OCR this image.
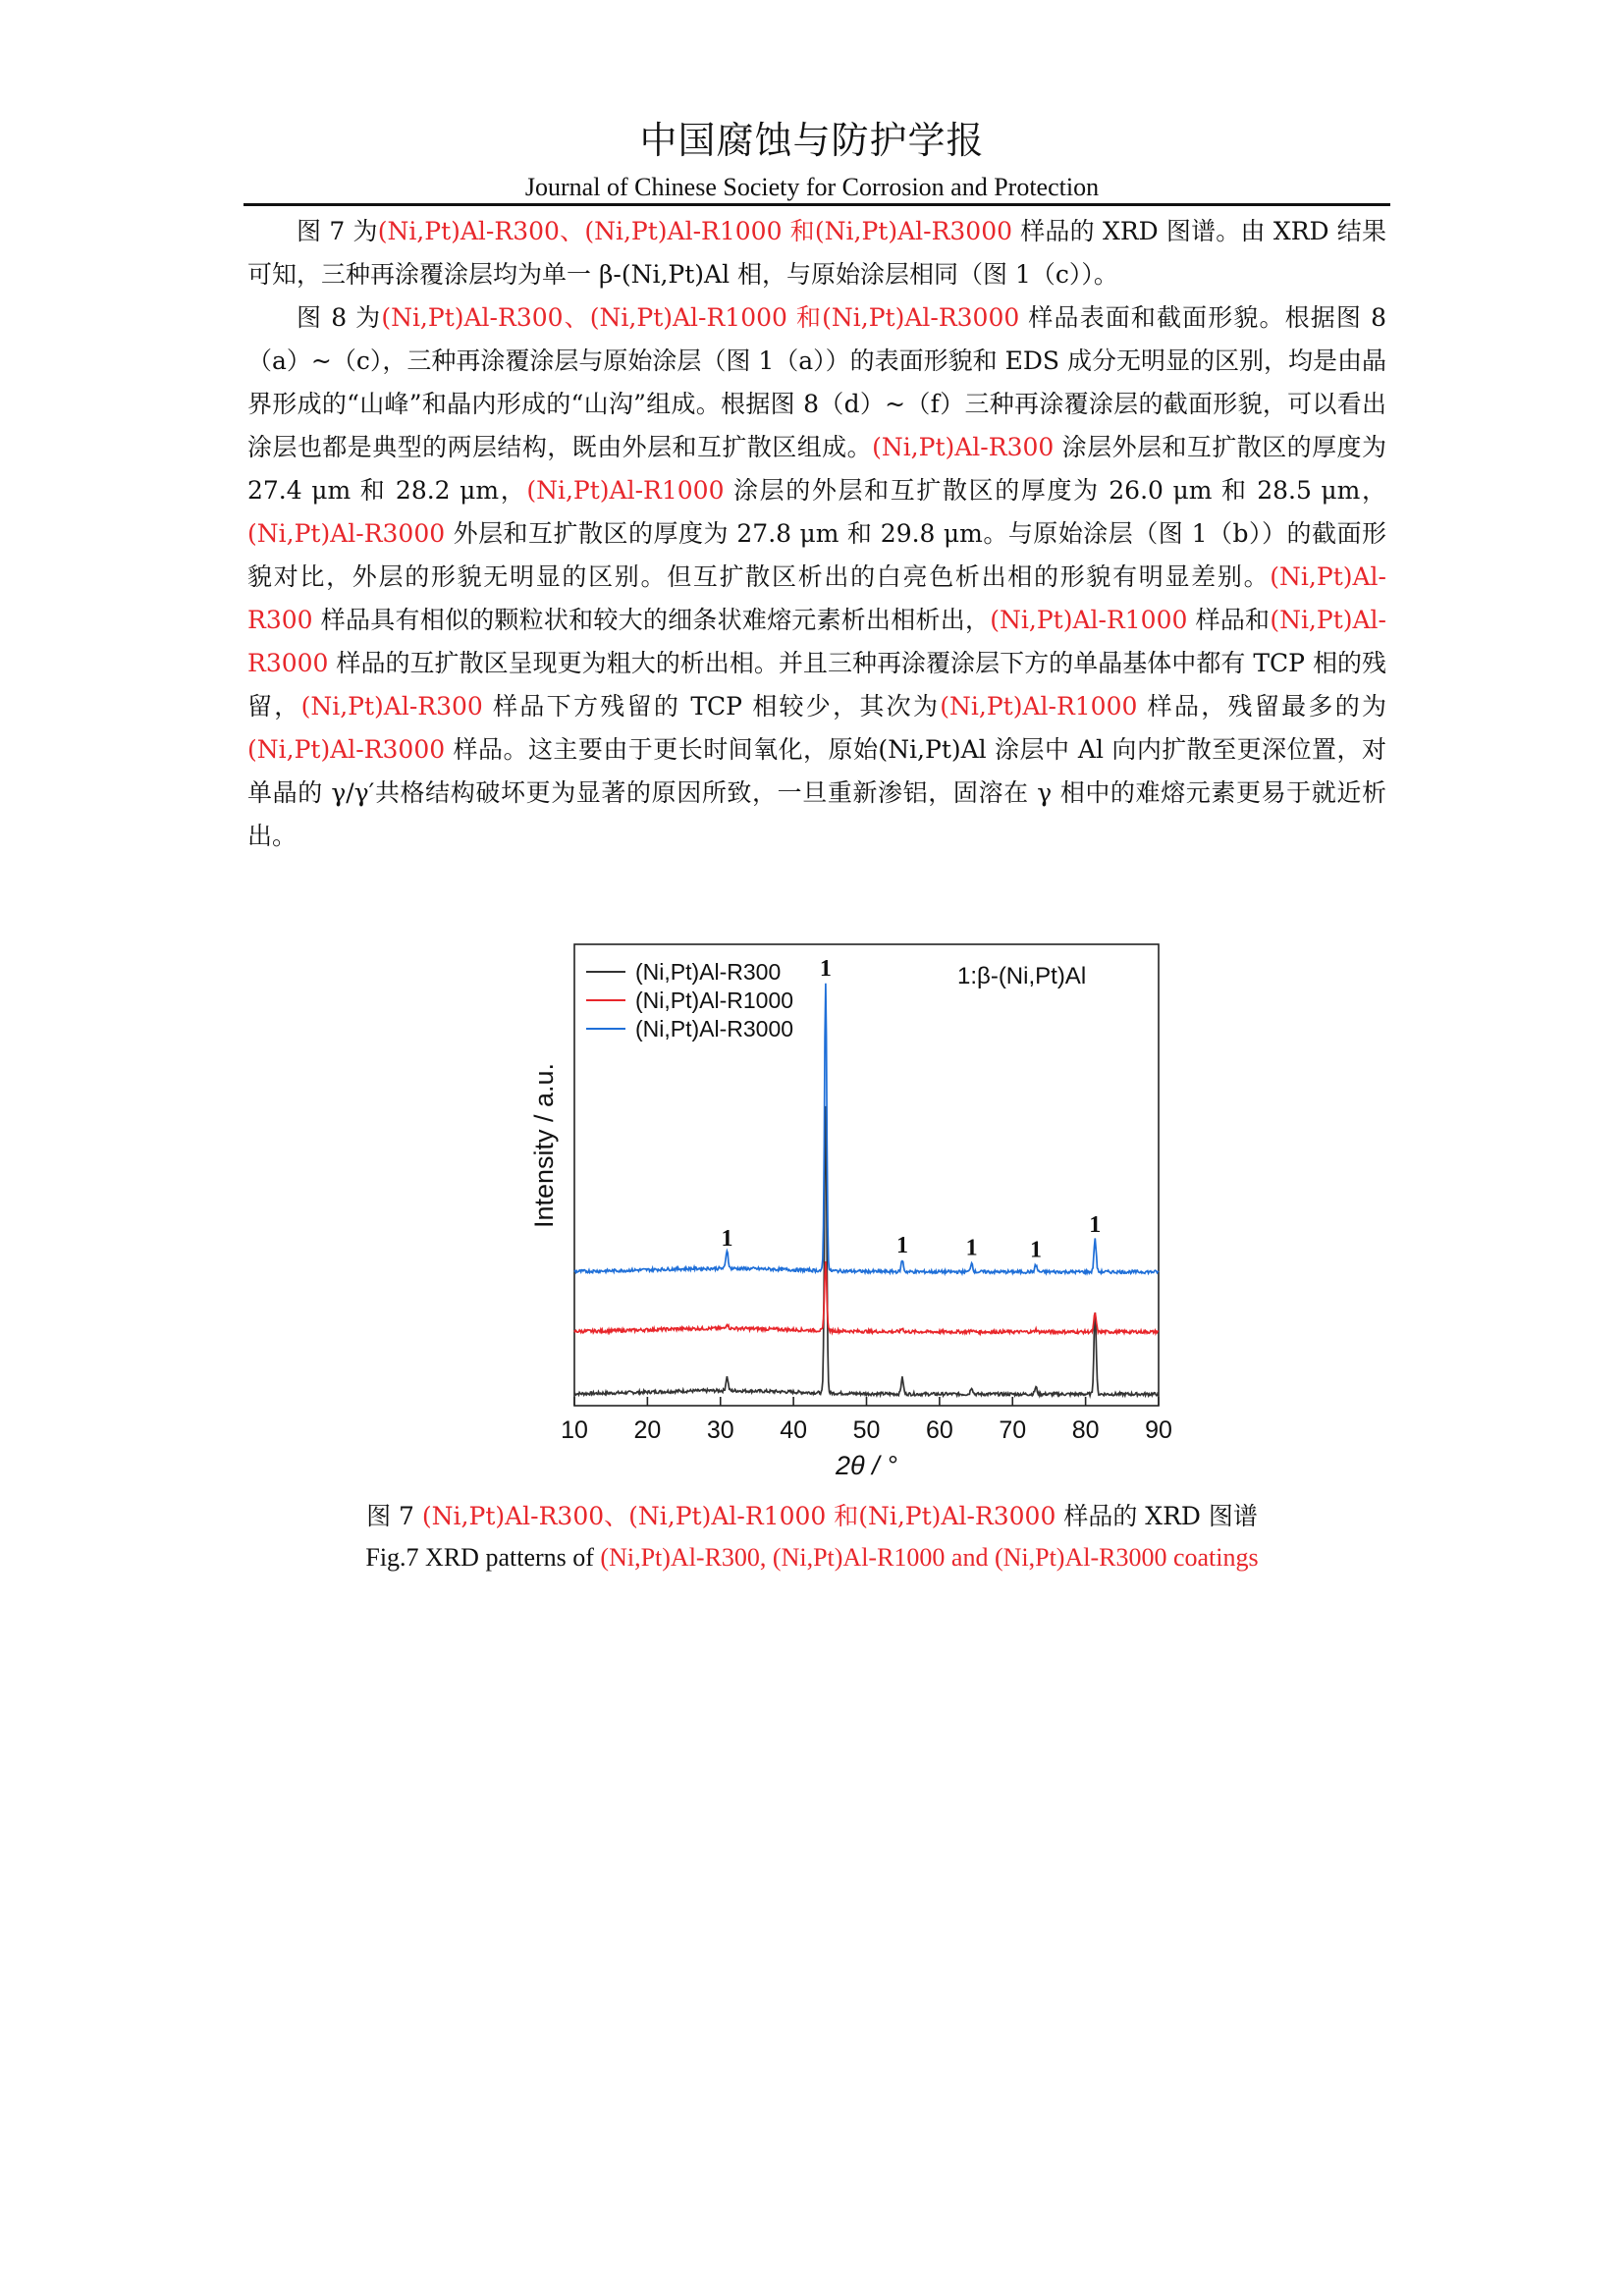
中国腐蚀与防护学报
Journal of Chinese Society for Corrosion and Protection

图 7 为(Ni,Pt)Al-R300、(Ni,Pt)Al-R1000 和(Ni,Pt)Al-R3000 样品的 XRD 图谱。由 XRD 结果可知，三种再涂覆涂层均为单一 β-(Ni,Pt)Al 相，与原始涂层相同（图 1（c））。

图 8 为(Ni,Pt)Al-R300、(Ni,Pt)Al-R1000 和(Ni,Pt)Al-R3000 样品表面和截面形貌。根据图 8（a）~（c），三种再涂覆涂层与原始涂层（图 1（a））的表面形貌和 EDS 成分无明显的区别，均是由晶界形成的“山峰”和晶内形成的“山沟”组成。根据图 8（d）~（f）三种再涂覆涂层的截面形貌，可以看出涂层也都是典型的两层结构，既由外层和互扩散区组成。(Ni,Pt)Al-R300 涂层外层和互扩散区的厚度为 27.4 μm 和 28.2 μm，(Ni,Pt)Al-R1000 涂层的外层和互扩散区的厚度为 26.0 μm 和 28.5 μm，(Ni,Pt)Al-R3000 外层和互扩散区的厚度为 27.8 μm 和 29.8 μm。与原始涂层（图 1（b））的截面形貌对比，外层的形貌无明显的区别。但互扩散区析出的白亮色析出相的形貌有明显差别。(Ni,Pt)Al-R300 样品具有相似的颗粒状和较大的细条状难熔元素析出相析出，(Ni,Pt)Al-R1000 样品和(Ni,Pt)Al-R3000 样品的互扩散区呈现更为粗大的析出相。并且三种再涂覆涂层下方的单晶基体中都有 TCP 相的残留，(Ni,Pt)Al-R300 样品下方残留的 TCP 相较少，其次为(Ni,Pt)Al-R1000 样品，残留最多的为(Ni,Pt)Al-R3000 样品。这主要由于更长时间氧化，原始(Ni,Pt)Al 涂层中 Al 向内扩散至更深位置，对单晶的 γ/γ′共格结构破坏更为显著的原因所致，一旦重新渗铝，固溶在 γ 相中的难熔元素更易于就近析出。

(Ni,Pt)Al-R300
(Ni,Pt)Al-R1000
(Ni,Pt)Al-R3000
1
1
1 1 1
1
1:β-(Ni,Pt)Al
10 20 30 40 50 60 70 80 90
2θ / °
Intensity / a.u.
图 7 (Ni,Pt)Al-R300、(Ni,Pt)Al-R1000 和(Ni,Pt)Al-R3000 样品的 XRD 图谱
Fig.7 XRD patterns of (Ni,Pt)Al-R300, (Ni,Pt)Al-R1000 and (Ni,Pt)Al-R3000 coatings
